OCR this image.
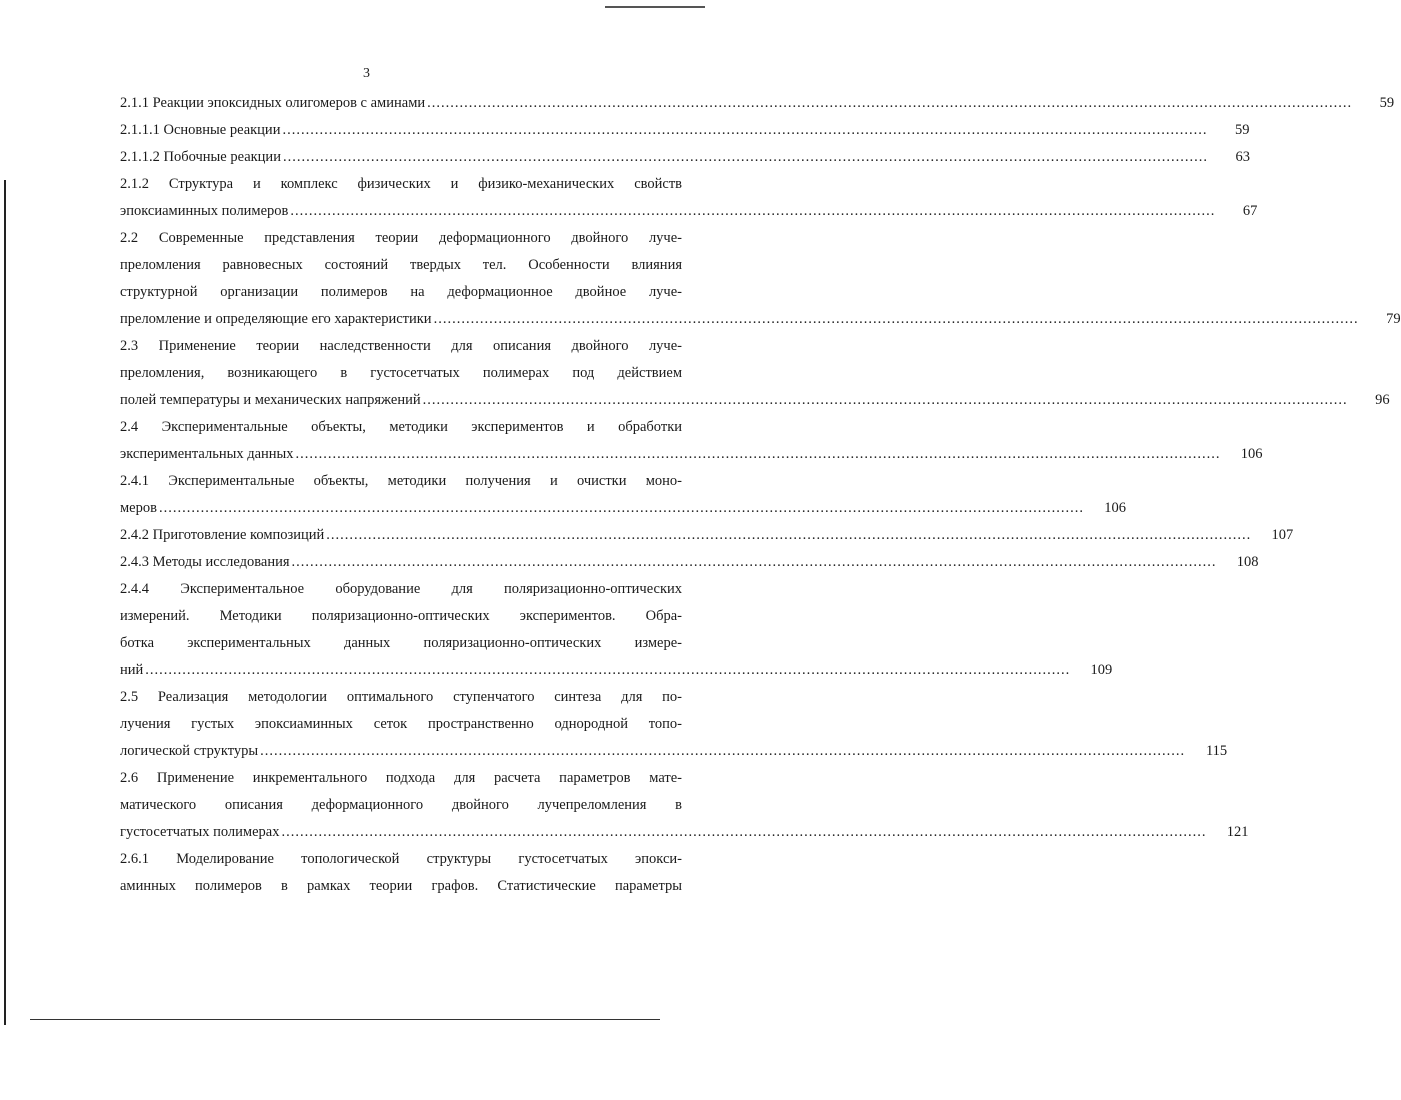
3
2.1.1 Реакции эпоксидных олигомеров с аминами ........................................................................................................................................................................................................	59
2.1.1.1 Основные реакции ........................................................................................................................................................................................................	59
2.1.1.2 Побочные реакции ........................................................................................................................................................................................................	63
2.1.2 Структура и комплекс физических и физико-механических свойств
эпоксиаминных полимеров ........................................................................................................................................................................................................	67
2.2 Современные представления теории деформационного двойного луче-
преломления равновесных состояний твердых тел. Особенности влияния
структурной организации полимеров на деформационное двойное луче-
преломление и определяющие его характеристики ........................................................................................................................................................................................................	79
2.3 Применение теории наследственности для описания двойного луче-
преломления, возникающего в густосетчатых полимерах под действием
полей температуры и механических напряжений ........................................................................................................................................................................................................	96
2.4 Экспериментальные объекты, методики экспериментов и обработки
экспериментальных данных ........................................................................................................................................................................................................	106
2.4.1 Экспериментальные объекты, методики получения и очистки моно-
меров ........................................................................................................................................................................................................	106
2.4.2 Приготовление композиций ........................................................................................................................................................................................................	107
2.4.3 Методы исследования ........................................................................................................................................................................................................	108
2.4.4 Экспериментальное оборудование для поляризационно-оптических
измерений. Методики поляризационно-оптических экспериментов. Обра-
ботка экспериментальных данных поляризационно-оптических измере-
ний ........................................................................................................................................................................................................	109
2.5 Реализация методологии оптимального ступенчатого синтеза для по-
лучения густых эпоксиаминных сеток пространственно однородной топо-
логической структуры ........................................................................................................................................................................................................	115
2.6 Применение инкрементального подхода для расчета параметров мате-
матического описания деформационного двойного лучепреломления в
густосетчатых полимерах ........................................................................................................................................................................................................	121
2.6.1 Моделирование топологической структуры густосетчатых эпокси-
аминных полимеров в рамках теории графов. Статистические параметры
